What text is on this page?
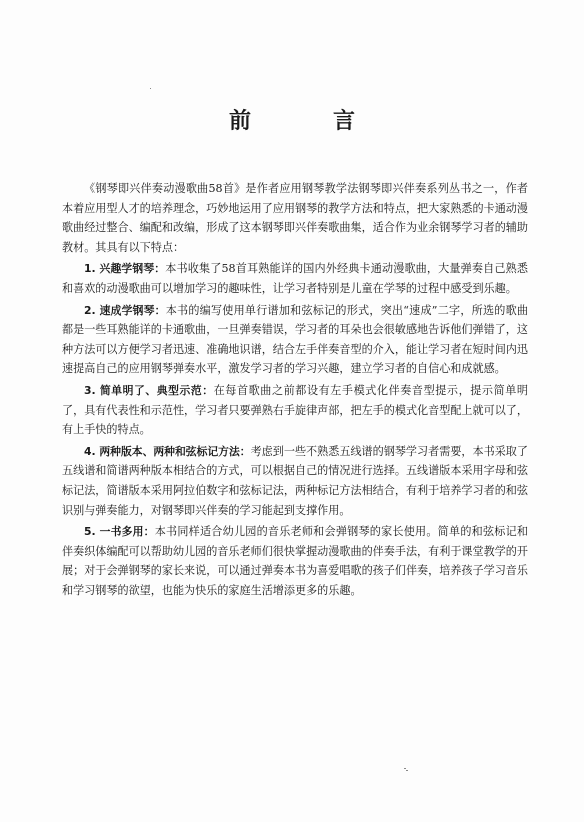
前　言

《钢琴即兴伴奏动漫歌曲58首》是作者应用钢琴教学法钢琴即兴伴奏系列丛书之一，作者本着应用型人才的培养理念，巧妙地运用了应用钢琴的教学方法和特点，把大家熟悉的卡通动漫歌曲经过整合、编配和改编，形成了这本钢琴即兴伴奏歌曲集，适合作为业余钢琴学习者的辅助教材。其具有以下特点：

1. 兴趣学钢琴：本书收集了58首耳熟能详的国内外经典卡通动漫歌曲，大量弹奏自己熟悉和喜欢的动漫歌曲可以增加学习的趣味性，让学习者特别是儿童在学琴的过程中感受到乐趣。

2. 速成学钢琴：本书的编写使用单行谱加和弦标记的形式，突出“速成”二字，所选的歌曲都是一些耳熟能详的卡通歌曲，一旦弹奏错误，学习者的耳朵也会很敏感地告诉他们弹错了，这种方法可以方便学习者迅速、准确地识谱，结合左手伴奏音型的介入，能让学习者在短时间内迅速提高自己的应用钢琴弹奏水平，激发学习者的学习兴趣，建立学习者的自信心和成就感。

3. 简单明了、典型示范：在每首歌曲之前都设有左手模式化伴奏音型提示，提示简单明了，具有代表性和示范性，学习者只要弹熟右手旋律声部，把左手的模式化音型配上就可以了，有上手快的特点。

4. 两种版本、两种和弦标记方法：考虑到一些不熟悉五线谱的钢琴学习者需要，本书采取了五线谱和简谱两种版本相结合的方式，可以根据自己的情况进行选择。五线谱版本采用字母和弦标记法，简谱版本采用阿拉伯数字和弦标记法，两种标记方法相结合，有利于培养学习者的和弦识别与弹奏能力，对钢琴即兴伴奏的学习能起到支撑作用。

5. 一书多用：本书同样适合幼儿园的音乐老师和会弹钢琴的家长使用。简单的和弦标记和伴奏织体编配可以帮助幼儿园的音乐老师们很快掌握动漫歌曲的伴奏手法，有利于课堂教学的开展；对于会弹钢琴的家长来说，可以通过弹奏本书为喜爱唱歌的孩子们伴奏，培养孩子学习音乐和学习钢琴的欲望，也能为快乐的家庭生活增添更多的乐趣。
